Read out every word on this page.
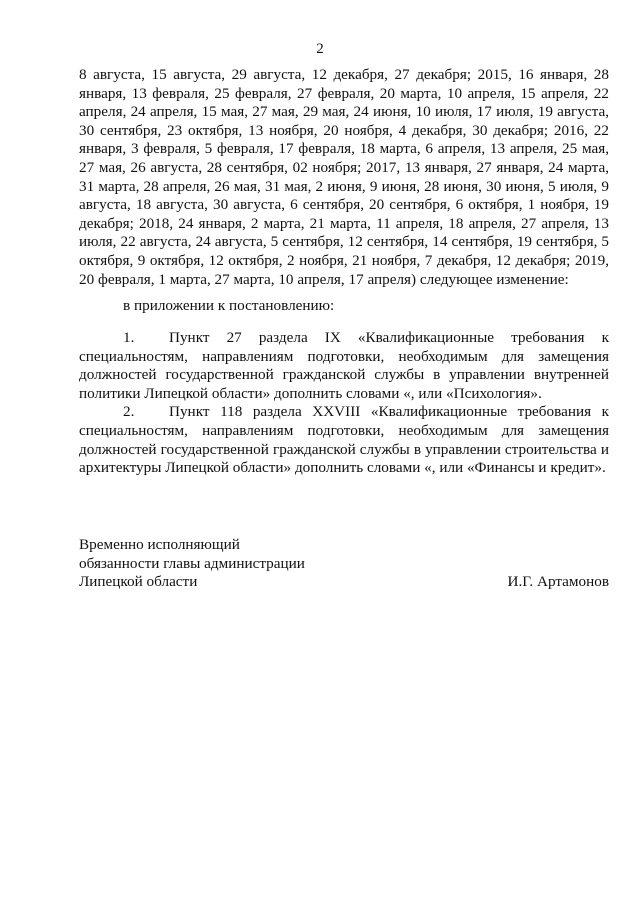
2
8 августа, 15 августа, 29 августа, 12 декабря, 27 декабря; 2015, 16 января, 28 января, 13 февраля, 25 февраля, 27 февраля, 20 марта, 10 апреля, 15 апреля, 22 апреля, 24 апреля, 15 мая, 27 мая, 29 мая, 24 июня, 10 июля, 17 июля, 19 августа, 30 сентября, 23 октября, 13 ноября, 20 ноября, 4 декабря, 30 декабря; 2016, 22 января, 3 февраля, 5 февраля, 17 февраля, 18 марта, 6 апреля, 13 апреля, 25 мая, 27 мая, 26 августа, 28 сентября, 02 ноября; 2017, 13 января, 27 января, 24 марта, 31 марта, 28 апреля, 26 мая, 31 мая, 2 июня, 9 июня, 28 июня, 30 июня, 5 июля, 9 августа, 18 августа, 30 августа, 6 сентября, 20 сентября, 6 октября, 1 ноября, 19 декабря; 2018, 24 января, 2 марта, 21 марта, 11 апреля, 18 апреля, 27 апреля, 13 июля, 22 августа, 24 августа, 5 сентября, 12 сентября, 14 сентября, 19 сентября, 5 октября, 9 октября, 12 октября, 2 ноября, 21 ноября, 7 декабря, 12 декабря; 2019, 20 февраля, 1 марта, 27 марта, 10 апреля, 17 апреля) следующее изменение:
в приложении к постановлению:

1. Пункт 27 раздела IX «Квалификационные требования к специальностям, направлениям подготовки, необходимым для замещения должностей государственной гражданской службы в управлении внутренней политики Липецкой области» дополнить словами «, или «Психология».

2. Пункт 118 раздела XXVIII «Квалификационные требования к специальностям, направлениям подготовки, необходимым для замещения должностей государственной гражданской службы в управлении строительства и архитектуры Липецкой области» дополнить словами «, или «Финансы и кредит».

Временно исполняющий
обязанности главы администрации
Липецкой области	И.Г. Артамонов
